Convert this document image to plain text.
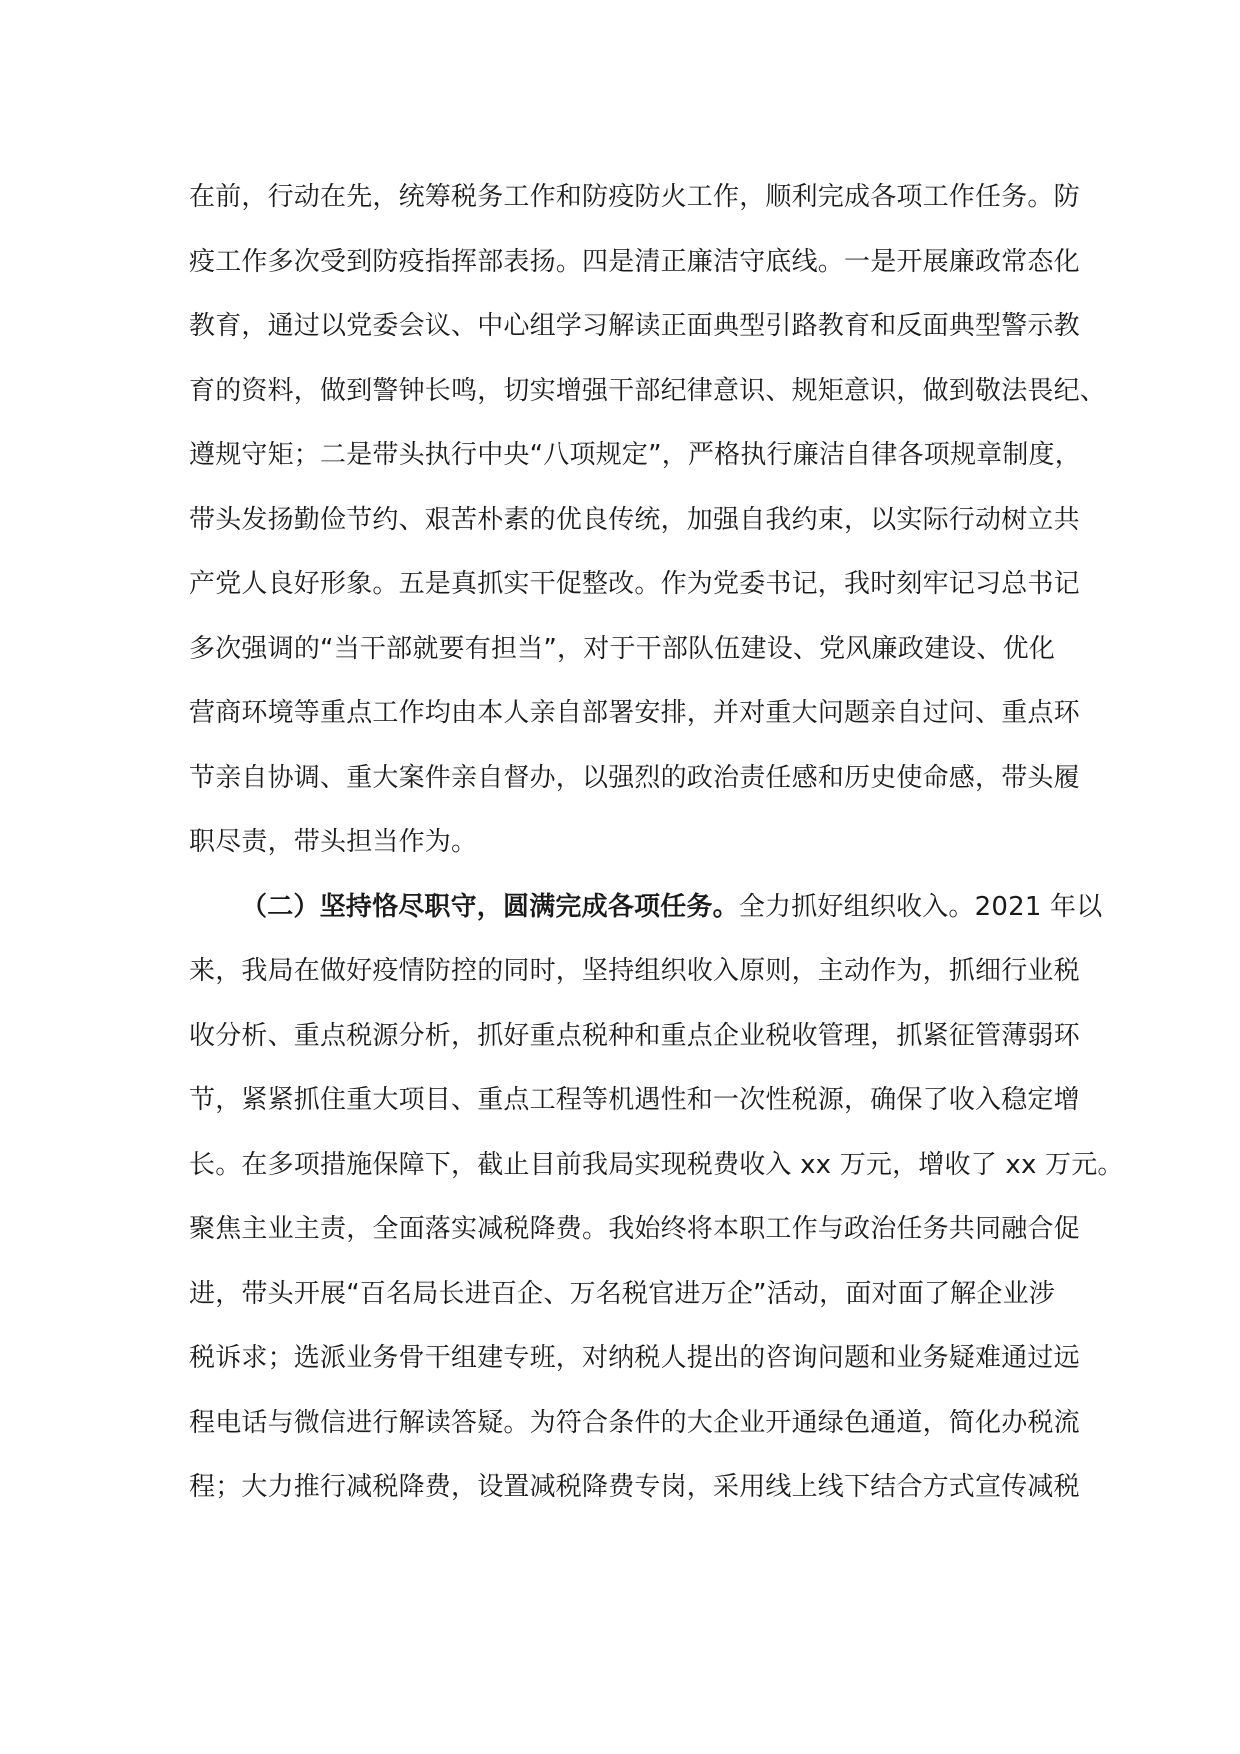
在前，行动在先，统筹税务工作和防疫防火工作，顺利完成各项工作任务。防
疫工作多次受到防疫指挥部表扬。四是清正廉洁守底线。一是开展廉政常态化
教育，通过以党委会议、中心组学习解读正面典型引路教育和反面典型警示教
育的资料，做到警钟长鸣，切实增强干部纪律意识、规矩意识，做到敬法畏纪、
遵规守矩；二是带头执行中央“八项规定”，严格执行廉洁自律各项规章制度，
带头发扬勤俭节约、艰苦朴素的优良传统，加强自我约束，以实际行动树立共
产党人良好形象。五是真抓实干促整改。作为党委书记，我时刻牢记习总书记
多次强调的“当干部就要有担当”，对于干部队伍建设、党风廉政建设、优化
营商环境等重点工作均由本人亲自部署安排，并对重大问题亲自过问、重点环
节亲自协调、重大案件亲自督办，以强烈的政治责任感和历史使命感，带头履
职尽责，带头担当作为。
（二）坚持恪尽职守，圆满完成各项任务。全力抓好组织收入。2021 年以
来，我局在做好疫情防控的同时，坚持组织收入原则，主动作为，抓细行业税
收分析、重点税源分析，抓好重点税种和重点企业税收管理，抓紧征管薄弱环
节，紧紧抓住重大项目、重点工程等机遇性和一次性税源，确保了收入稳定增
长。在多项措施保障下，截止目前我局实现税费收入 xx 万元，增收了 xx 万元。
聚焦主业主责，全面落实减税降费。我始终将本职工作与政治任务共同融合促
进，带头开展“百名局长进百企、万名税官进万企”活动，面对面了解企业涉
税诉求；选派业务骨干组建专班，对纳税人提出的咨询问题和业务疑难通过远
程电话与微信进行解读答疑。为符合条件的大企业开通绿色通道，简化办税流
程；大力推行减税降费，设置减税降费专岗，采用线上线下结合方式宣传减税
